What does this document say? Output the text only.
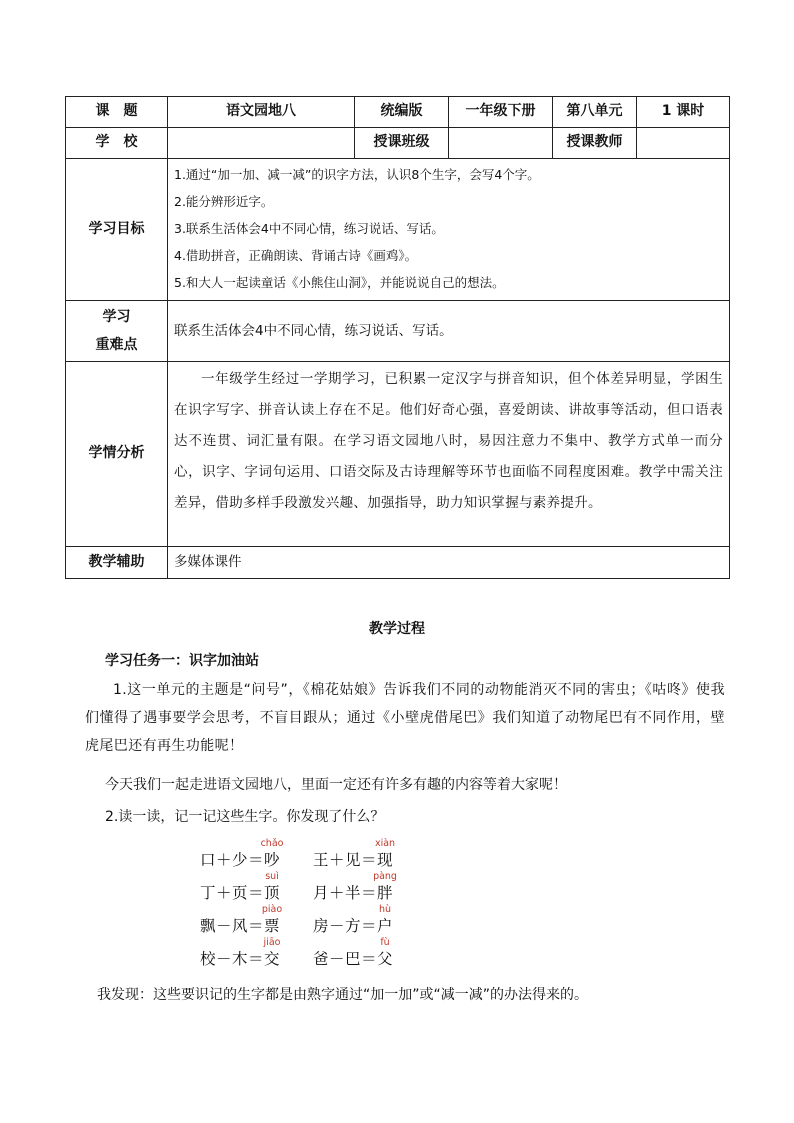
课　题	语文园地八	统编版	一年级下册	第八单元	1 课时
学　校		授课班级		授课教师	
学习目标	1.通过“加一加、减一减”的识字方法，认识8个生字，会写4个字。
2.能分辨形近字。
3.联系生活体会4中不同心情，练习说话、写话。
4.借助拼音，正确朗读、背诵古诗《画鸡》。
5.和大人一起读童话《小熊住山洞》，并能说说自己的想法。				

学习
重难点	联系生活体会4中不同心情，练习说话、写话。				
学情分析	一年级学生经过一学期学习，已积累一定汉字与拼音知识，但个体差异明显，学困生在识字写字、拼音认读上存在不足。他们好奇心强，喜爱朗读、讲故事等活动，但口语表达不连贯、词汇量有限。在学习语文园地八时，易因注意力不集中、教学方式单一而分心，识字、字词句运用、口语交际及古诗理解等环节也面临不同程度困难。教学中需关注差异，借助多样手段激发兴趣、加强指导，助力知识掌握与素养提升。				

教学辅助	多媒体课件				
教学过程
学习任务一：识字加油站
1.这一单元的主题是“问号”，《棉花姑娘》告诉我们不同的动物能消灭不同的害虫；《咕咚》使我们懂得了遇事要学会思考，不盲目跟从；通过《小壁虎借尾巴》我们知道了动物尾巴有不同作用，壁虎尾巴还有再生功能呢！
今天我们一起走进语文园地八，里面一定还有许多有趣的内容等着大家呢！
2.读一读，记一记这些生字。你发现了什么？
口＋少＝
chǎo
吵 王＋见＝
xiàn
现
丁＋页＝
suì
顶 月＋半＝
pàng
胖
飘－风＝
piào
票 房－方＝
hù
户
校－木＝
jiāo
交 爸－巴＝
fù
父
我发现：这些要识记的生字都是由熟字通过“加一加”或“减一减”的办法得来的。
